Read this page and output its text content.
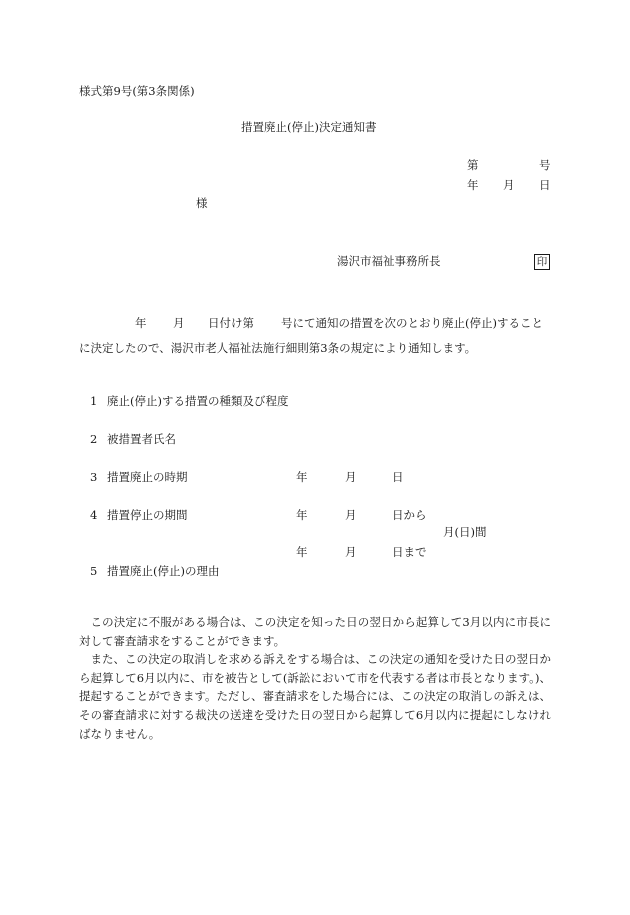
様式第9号(第3条関係)
措置廃止(停止)決定通知書
第	号
年 月 日
様
湯沢市福祉事務所長	印
年 月 日付け第 号にて通知の措置を次のとおり廃止(停止)すること
に決定したので、湯沢市老人福祉法施行細則第3条の規定により通知します。
1 廃止(停止)する措置の種類及び程度
2 被措置者氏名
3 措置廃止の時期	年	月	日
4 措置停止の期間	年	月	日から
月(日)間
年	月	日まで
5 措置廃止(停止)の理由

この決定に不服がある場合は、この決定を知った日の翌日から起算して3月以内に市長に対して審査請求をすることができます。

また、この決定の取消しを求める訴えをする場合は、この決定の通知を受けた日の翌日から起算して6月以内に、市を被告として(訴訟において市を代表する者は市長となります。)、提起することができます。ただし、審査請求をした場合には、この決定の取消しの訴えは、その審査請求に対する裁決の送達を受けた日の翌日から起算して6月以内に提起にしなければなりません。
